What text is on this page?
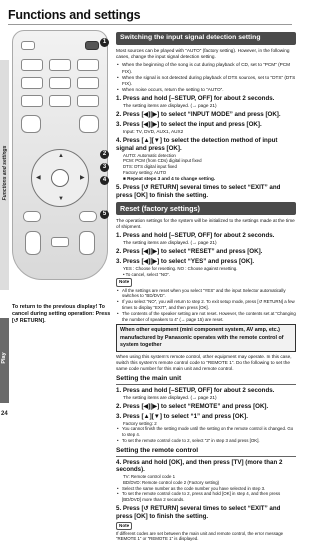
Functions and settings
Functions and settings
Play
24
▲
▼
◀	▶
1
2
3
4
5
To return to the previous display! To cancel during setting operation: Press [↺ RETURN].
Switching the input signal detection setting
Most sources can be played with “AUTO” (factory setting). However, in the following cases, change the input signal detection setting.
• When the beginning of the song is cut during playback of CD, set to “PCM” (PCM FIX).
• When the signal is not detected during playback of DTS sources, set to “DTS” (DTS FIX).
• When noise occurs, return the setting to “AUTO”.
1. Press and hold [–SETUP, OFF] for about 2 seconds.
The setting items are displayed. (→ page 21)
2. Press [◀][▶] to select “INPUT MODE” and press [OK].
3. Press [◀][▶] to select the input and press [OK].
Input: TV, DVD, AUX1, AUX2
4. Press [▲][▼] to select the detection method of input signal and press [OK].
AUTO: Automatic detection
PCM: PCM (from CDs) digital input fixed
DTS: DTS digital input fixed
Factory setting: AUTO
■ Repeat steps 3 and 4 to change setting.
5. Press [↺ RETURN] several times to select “EXIT” and press [OK] to finish the setting.
Reset (factory settings)
The operation settings for the system will be initialized to the settings made at the time of shipment.
1. Press and hold [–SETUP, OFF] for about 2 seconds.
The setting items are displayed. (→ page 21)
2. Press [◀][▶] to select “RESET” and press [OK].
3. Press [◀][▶] to select “YES” and press [OK].
YES : Choose for resetting. NO : Choose against resetting.
• To cancel, select “NO”.
Note
• All the settings are reset when you select “YES” and the input Selector automatically switches to “BD/DVD”.
• If you select “NO”, you will return to step 2. To exit setup mode, press [↺ RETURN] a few times to display “EXIT”, and then press [OK].
• The contents of the speaker setting are not reset. However, the contents set at “Changing the number of speakers to 4” (→ page 15) are reset.
When other equipment (mini component system, AV amp, etc.) manufactured by Panasonic operates with the remote control of system together
When using this system’s remote control, other equipment may operate. In this case, switch this system’s remote control code to “REMOTE 1”. Do the following to set the same code number for this main unit and remote control.
Setting the main unit
1. Press and hold [–SETUP, OFF] for about 2 seconds.
The setting items are displayed. (→ page 21)
2. Press [◀][▶] to select “REMOTE” and press [OK].
3. Press [▲][▼] to select “1” and press [OK].
Factory setting: 2
• You cannot finish the setting mode until the setting on the remote control is changed. Go to step 4.
• To set the remote control code to 2, select “2” in step 3 and press [OK].
Setting the remote control
4. Press and hold [OK], and then press [TV] (more than 2 seconds).
TV: Remote control code 1
BD/DVD: Remote control code 2 (Factory setting)
• Select the same number as the code number you have selected in step 3.
• To set the remote control code to 2, press and hold [OK] in step 4, and then press [BD/DVD] more than 2 seconds.
5. Press [↺ RETURN] several times to select “EXIT” and press [OK] to finish the setting.
Note
If different codes are set between the main unit and remote control, the error message “REMOTE 1” or “REMOTE 1” is displayed.
